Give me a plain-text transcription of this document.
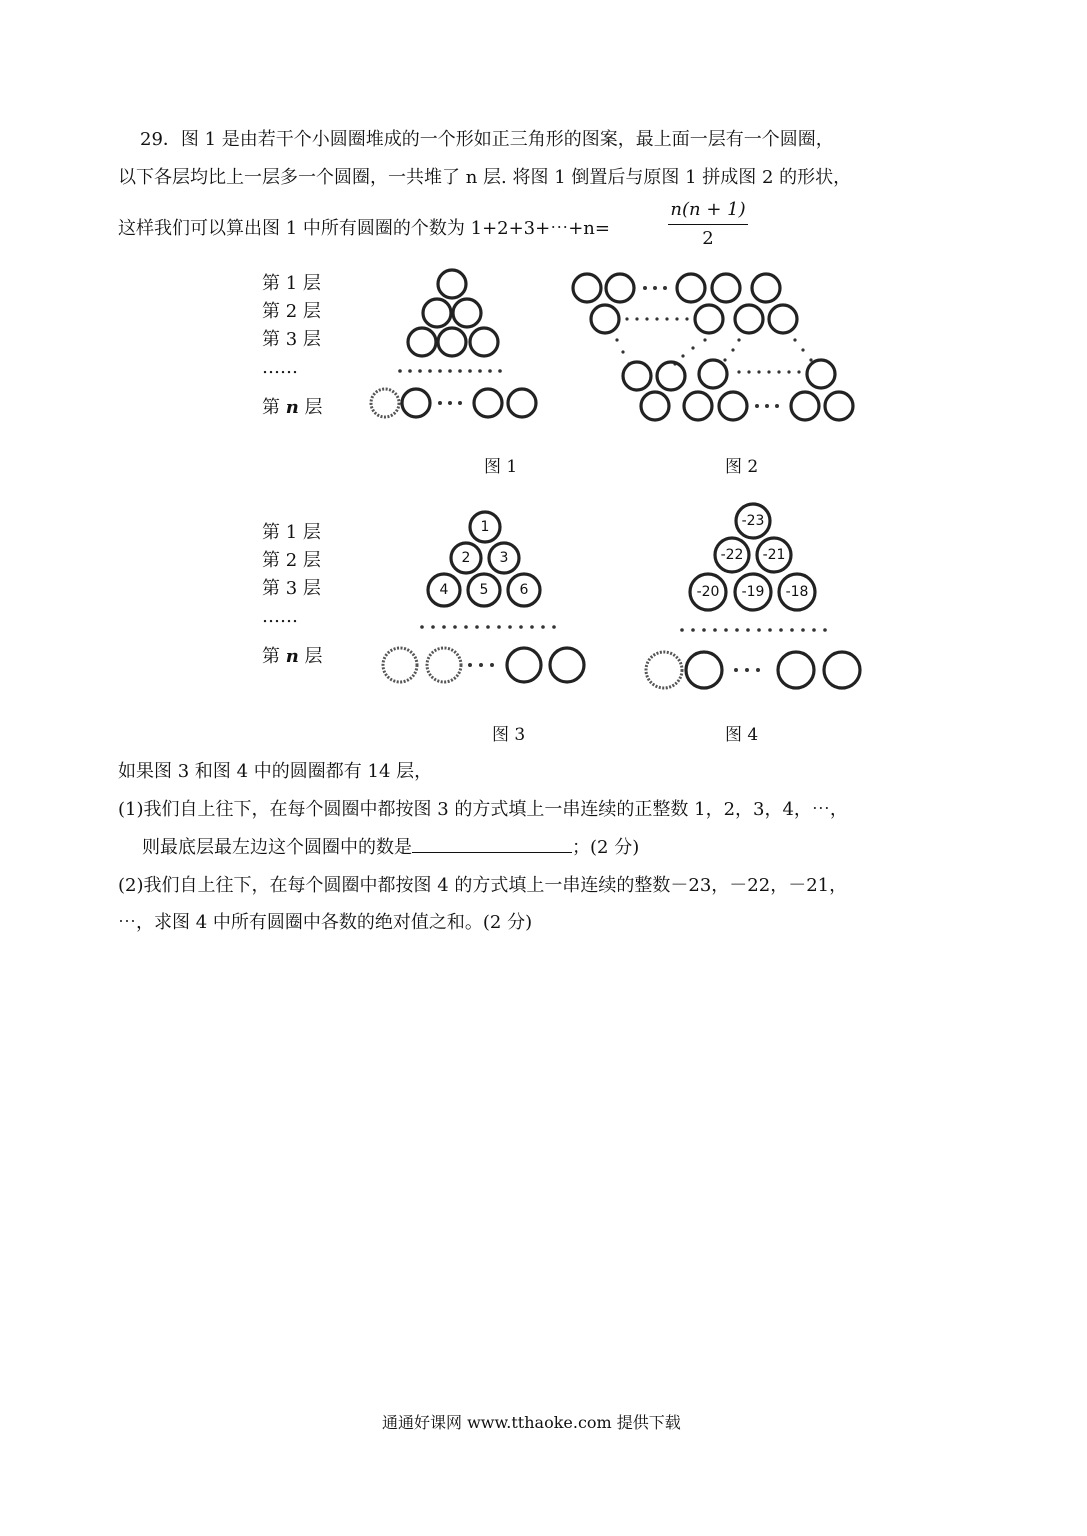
29．图 1 是由若干个小圆圈堆成的一个形如正三角形的图案，最上面一层有一个圆圈，
以下各层均比上一层多一个圆圈，一共堆了 n 层. 将图 1 倒置后与原图 1 拼成图 2 的形状，
这样我们可以算出图 1 中所有圆圈的个数为 1+2+3+⋯+n=
n(n + 1)
2
第 1 层
第 2 层
第 3 层
……
第 n 层
图 1	图 2
第 1 层
第 2 层
第 3 层
……
第 n 层
1
2 3
4 5 6
-23
-22 -21
-20 -19 -18
图 3	图 4
如果图 3 和图 4 中的圆圈都有 14 层，
(1)我们自上往下，在每个圆圈中都按图 3 的方式填上一串连续的正整数 1，2，3，4，⋯，
则最底层最左边这个圆圈中的数是	；(2 分)
(2)我们自上往下，在每个圆圈中都按图 4 的方式填上一串连续的整数－23，－22，－21，
⋯，求图 4 中所有圆圈中各数的绝对值之和。(2 分)
通通好课网 www.tthaoke.com 提供下载
